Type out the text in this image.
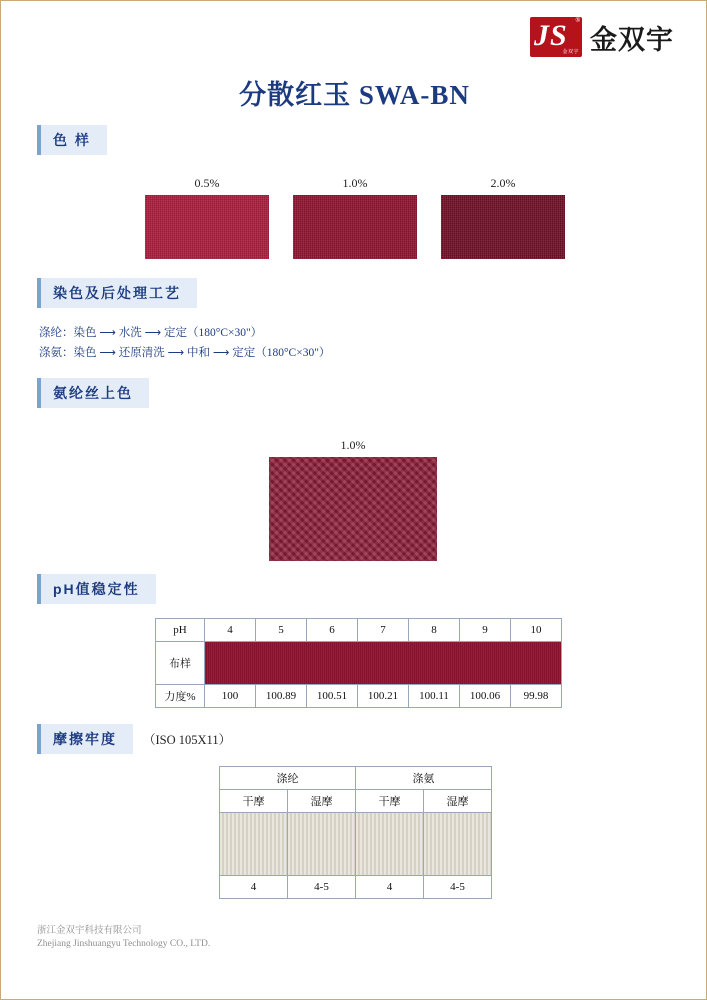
®
J S
金双宇 金双宇
分散红玉 SWA-BN
色 样
0.5%	1.0%	2.0%
染色及后处理工艺
涤纶：染色 ⟶ 水洗 ⟶ 定定（180°C×30"）
涤氨：染色 ⟶ 还原清洗 ⟶ 中和 ⟶ 定定（180°C×30"）
氨纶丝上色
1.0%
pH值稳定性
pH	4	5	6	7	8	9	10
布样							

力度%	100	100.89	100.51	100.21	100.11	100.06	99.98
摩擦牢度	（ISO 105X11）
涤纶		涤氨	
干摩	湿摩	干摩	湿摩

4	4-5	4	4-5
浙江金双宇科技有限公司
Zhejiang Jinshuangyu Technology CO., LTD.
